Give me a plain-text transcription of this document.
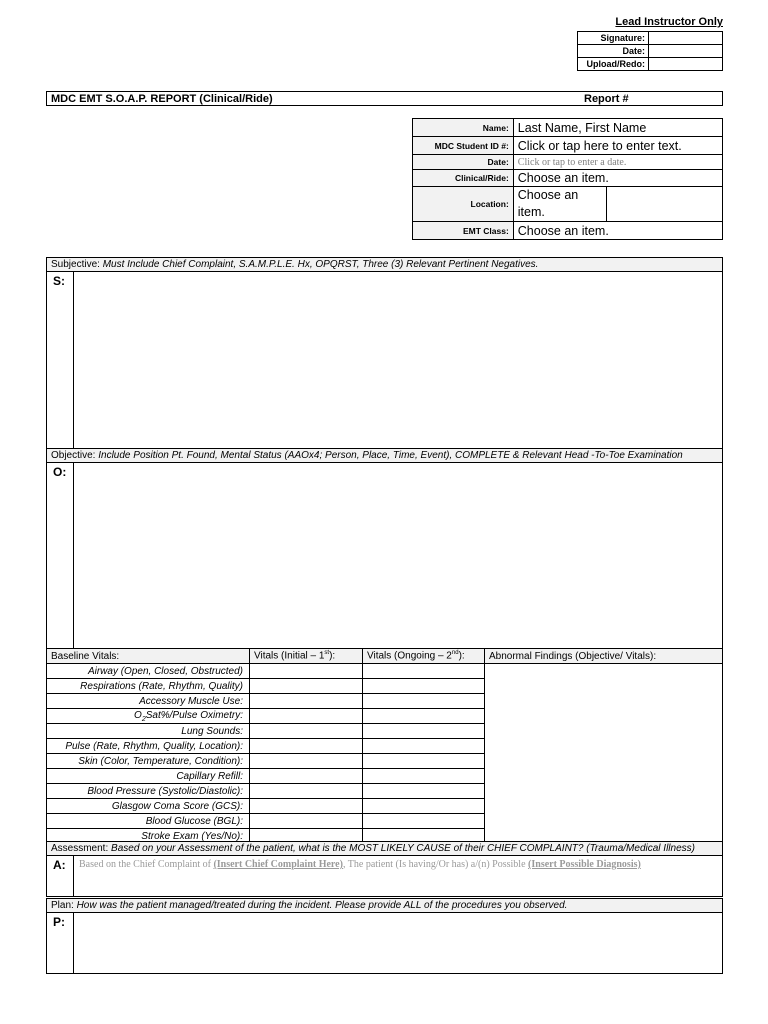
Lead Instructor Only
Signature:	
Date:	
Upload/Redo:	
MDC EMT S.O.A.P. REPORT (Clinical/Ride)	Report #
Name:	Last Name, First Name	
MDC Student ID #:	Click or tap here to enter text.	
Date:	Click or tap to enter a date.	
Clinical/Ride:	Choose an item.	
Location:	Choose an item.	
EMT Class:	Choose an item.	
Subjective: Must Include Chief Complaint, S.A.M.P.L.E. Hx, OPQRST, Three (3) Relevant Pertinent Negatives.
S:
Objective: Include Position Pt. Found, Mental Status (AAOx4; Person, Place, Time, Event), COMPLETE & Relevant Head -To-Toe Examination
O:
Baseline Vitals:	Vitals (Initial – 1st):	Vitals (Ongoing – 2nd):	Abnormal Findings (Objective/ Vitals):
Airway (Open, Closed, Obstructed)			
Respirations (Rate, Rhythm, Quality)			
Accessory Muscle Use:			
$O_2Sat\%$/Pulse Oximetry:			
Lung Sounds:			
Pulse (Rate, Rhythm, Quality, Location):			
Skin (Color, Temperature, Condition):			
Capillary Refill:			
Blood Pressure (Systolic/Diastolic):			
Glasgow Coma Score (GCS):			
Blood Glucose (BGL):			
Stroke Exam (Yes/No):			
Assessment: Based on your Assessment of the patient, what is the MOST LIKELY CAUSE of their CHIEF COMPLAINT? (Trauma/Medical Illness)
A:	Based on the Chief Complaint of (Insert Chief Complaint Here), The patient (Is having/Or has) a/(n) Possible (Insert Possible Diagnosis)
Plan: How was the patient managed/treated during the incident. Please provide ALL of the procedures you observed.
P:
